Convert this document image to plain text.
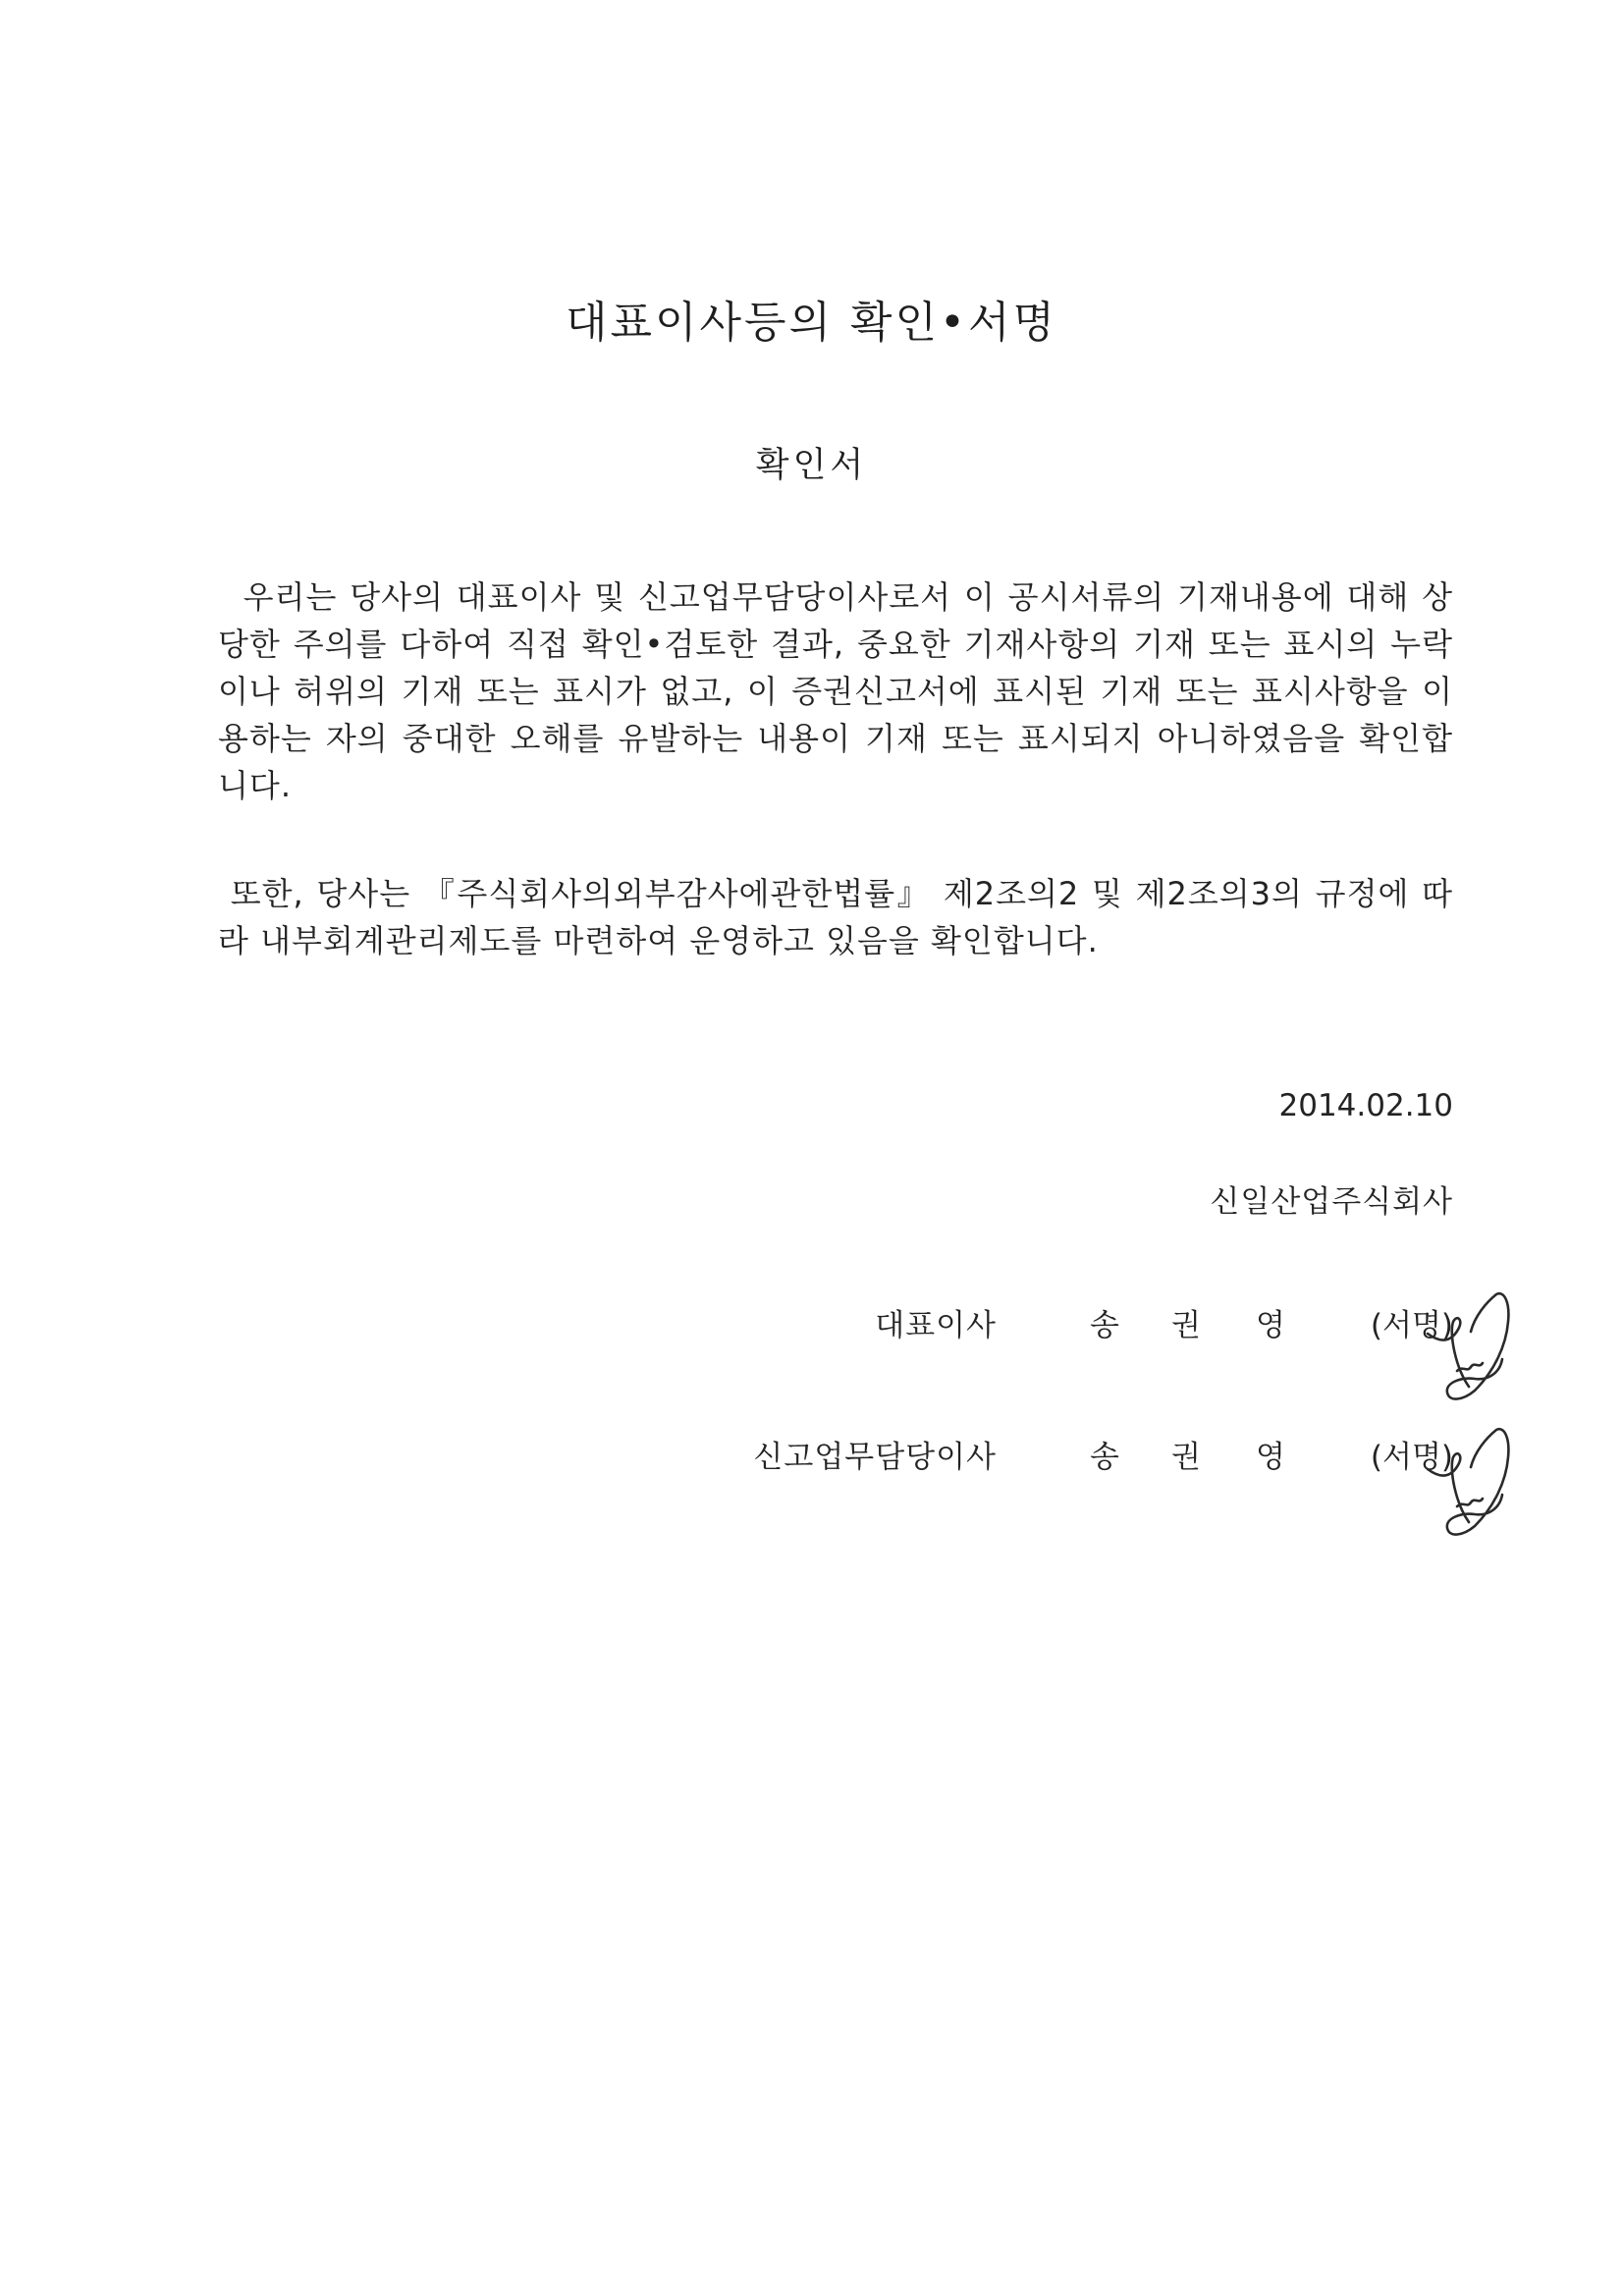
대표이사등의 확인•서명
확인서

우리는 당사의 대표이사 및 신고업무담당이사로서 이 공시서류의 기재내용에 대해 상당한 주의를 다하여 직접 확인•검토한 결과, 중요한 기재사항의 기재 또는 표시의 누락이나 허위의 기재 또는 표시가 없고, 이 증권신고서에 표시된 기재 또는 표시사항을 이용하는 자의 중대한 오해를 유발하는 내용이 기재 또는 표시되지 아니하였음을 확인합니다.

또한, 당사는 『주식회사의외부감사에관한법률』 제2조의2 및 제2조의3의 규정에 따라 내부회계관리제도를 마련하여 운영하고 있음을 확인합니다.

2014.02.10
신일산업주식회사
대표이사	송 권 영	(서명)
신고업무담당이사	송 권 영	(서명)
